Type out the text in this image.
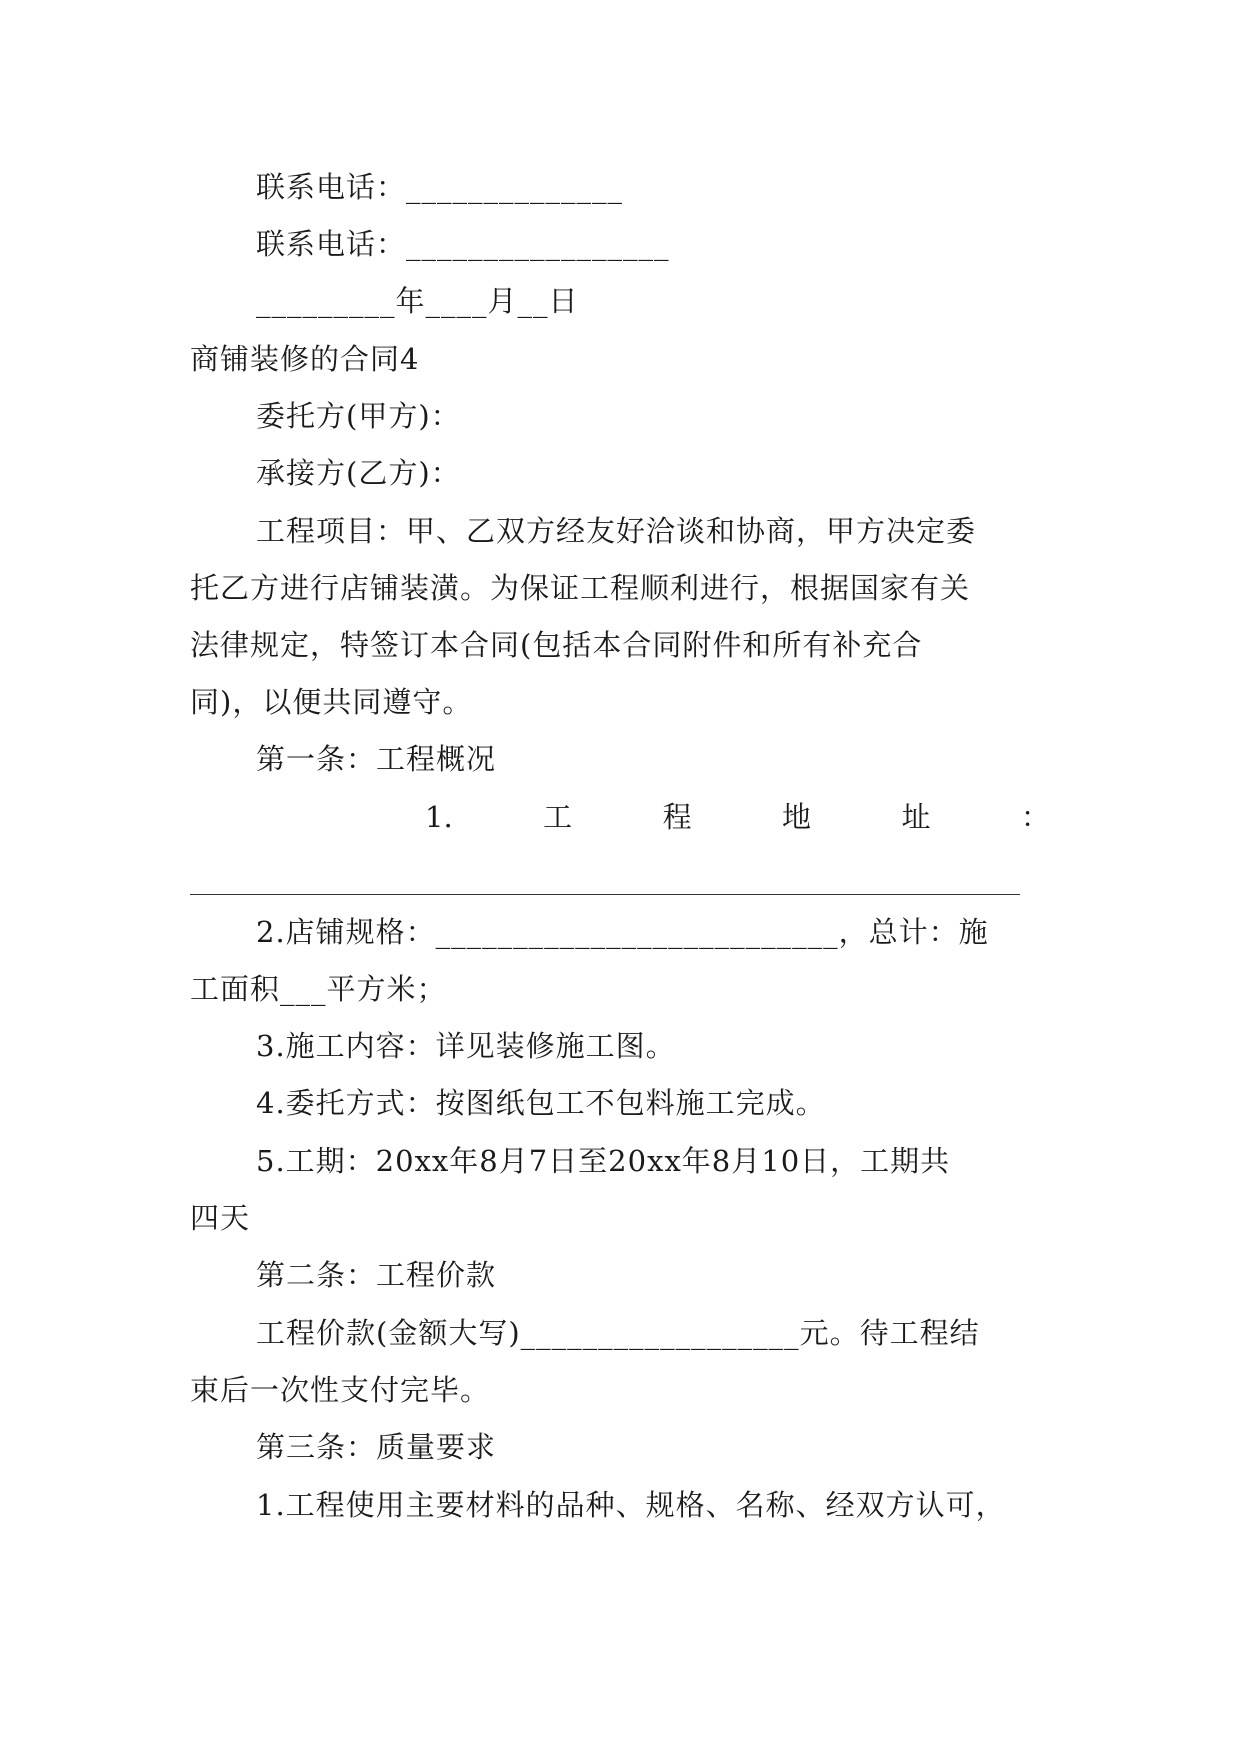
联系电话：______________
联系电话：_________________
_________年____月__日
商铺装修的合同4
委托方(甲方)：
承接方(乙方)：
工程项目：甲、乙双方经友好洽谈和协商，甲方决定委
托乙方进行店铺装潢。为保证工程顺利进行，根据国家有关
法律规定，特签订本合同(包括本合同附件和所有补充合
同)，以便共同遵守。
第一条：工程概况
1.	工	程	地	址	：
2.店铺规格：__________________________，总计：施
工面积___平方米；
3.施工内容：详见装修施工图。
4.委托方式：按图纸包工不包料施工完成。
5.工期：20xx年8月7日至20xx年8月10日，工期共
四天
第二条：工程价款
工程价款(金额大写)__________________元。待工程结
束后一次性支付完毕。
第三条：质量要求
1.工程使用主要材料的品种、规格、名称、经双方认可，
